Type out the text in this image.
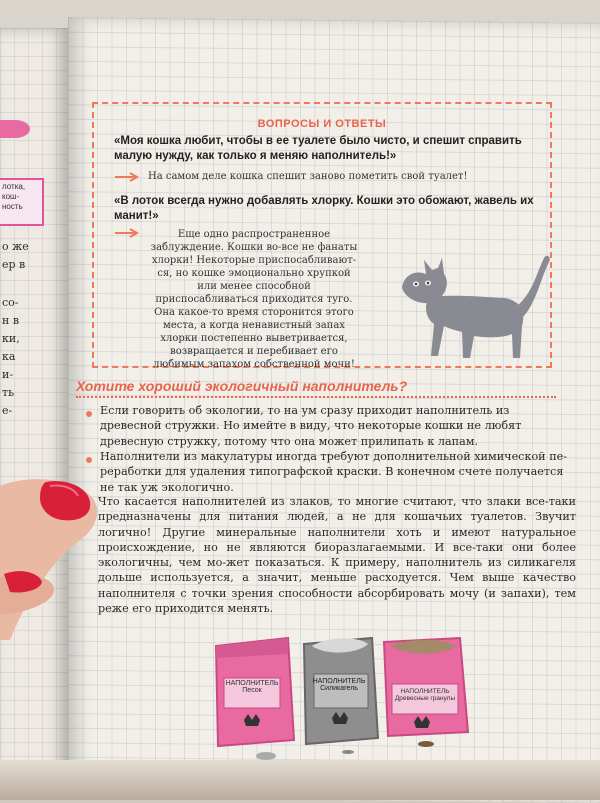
лотка,
кош-
ность
о же
ер в
со-
н в
ки,
ка
и-
ть
е-
ВОПРОСЫ И ОТВЕТЫ
«Моя кошка любит, чтобы в ее туалете было чисто, и спешит справить малую нужду, как только я меняю наполнитель!»
На самом деле кошка спешит заново пометить свой туалет!
«В лоток всегда нужно добавлять хлорку. Кошки это обожают, жавель их манит!»
Еще одно распространенное заблуждение. Кошки во-все не фанаты хлорки! Некоторые приспосабливают-ся, но кошке эмоционально хрупкой или менее способной приспосабливаться приходится туго. Она какое-то время сторонится этого места, а когда ненавистный запах хлорки постепенно выветривается, возвращается и перебивает его любимым запахом собственной мочи!
Хотите хороший экологичный наполнитель?
Если говорить об экологии, то на ум сразу приходит наполнитель из древесной стружки. Но имейте в виду, что некоторые кошки не любят древесную стружку, потому что она может прилипать к лапам.
Наполнители из макулатуры иногда требуют дополнительной химической пе-реработки для удаления типографской краски. В конечном счете получается не так уж экологично.
Что касается наполнителей из злаков, то многие считают, что злаки все-таки предназначены для питания людей, а не для кошачьих туалетов. Звучит логично! Другие минеральные наполнители хоть и имеют натуральное происхождение, но не являются биоразлагаемыми. И все-таки они более экологичны, чем мо-жет показаться. К примеру, наполнитель из силикагеля дольше используется, а значит, меньше расходуется. Чем выше качество наполнителя с точки зрения способности абсорбировать мочу (и запахи), тем реже его приходится менять.
НАПОЛНИТЕЛЬ
Песок
НАПОЛНИТЕЛЬ
Силикагель	НАПОЛНИТЕЛЬ
Древесные гранулы
